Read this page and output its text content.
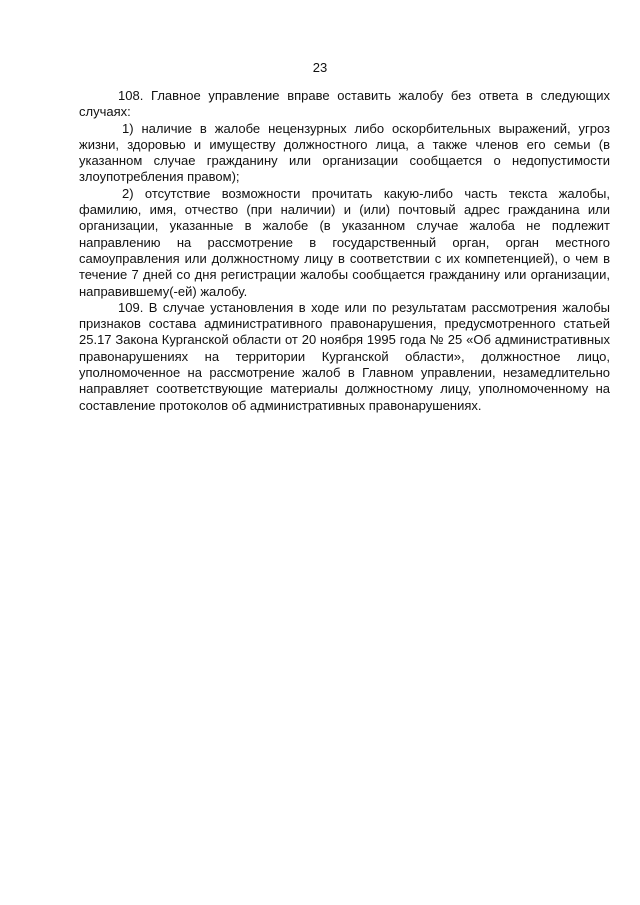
23

108. Главное управление вправе оставить жалобу без ответа в следующих случаях:

1) наличие в жалобе нецензурных либо оскорбительных выражений, угроз жизни, здоровью и имуществу должностного лица, а также членов его семьи (в указанном случае гражданину или организации сообщается о недопустимости злоупотребления правом);

2) отсутствие возможности прочитать какую-либо часть текста жалобы, фамилию, имя, отчество (при наличии) и (или) почтовый адрес гражданина или организации, указанные в жалобе (в указанном случае жалоба не подлежит направлению на рассмотрение в государственный орган, орган местного самоуправления или должностному лицу в соответствии с их компетенцией), о чем в течение 7 дней со дня регистрации жалобы сообщается гражданину или организации, направившему(-ей) жалобу.

109. В случае установления в ходе или по результатам рассмотрения жалобы признаков состава административного правонарушения, предусмотренного статьей 25.17 Закона Курганской области от 20 ноября 1995 года № 25 «Об административных правонарушениях на территории Курганской области», должностное лицо, уполномоченное на рассмотрение жалоб в Главном управлении, незамедлительно направляет соответствующие материалы должностному лицу, уполномоченному на составление протоколов об административных правонарушениях.
